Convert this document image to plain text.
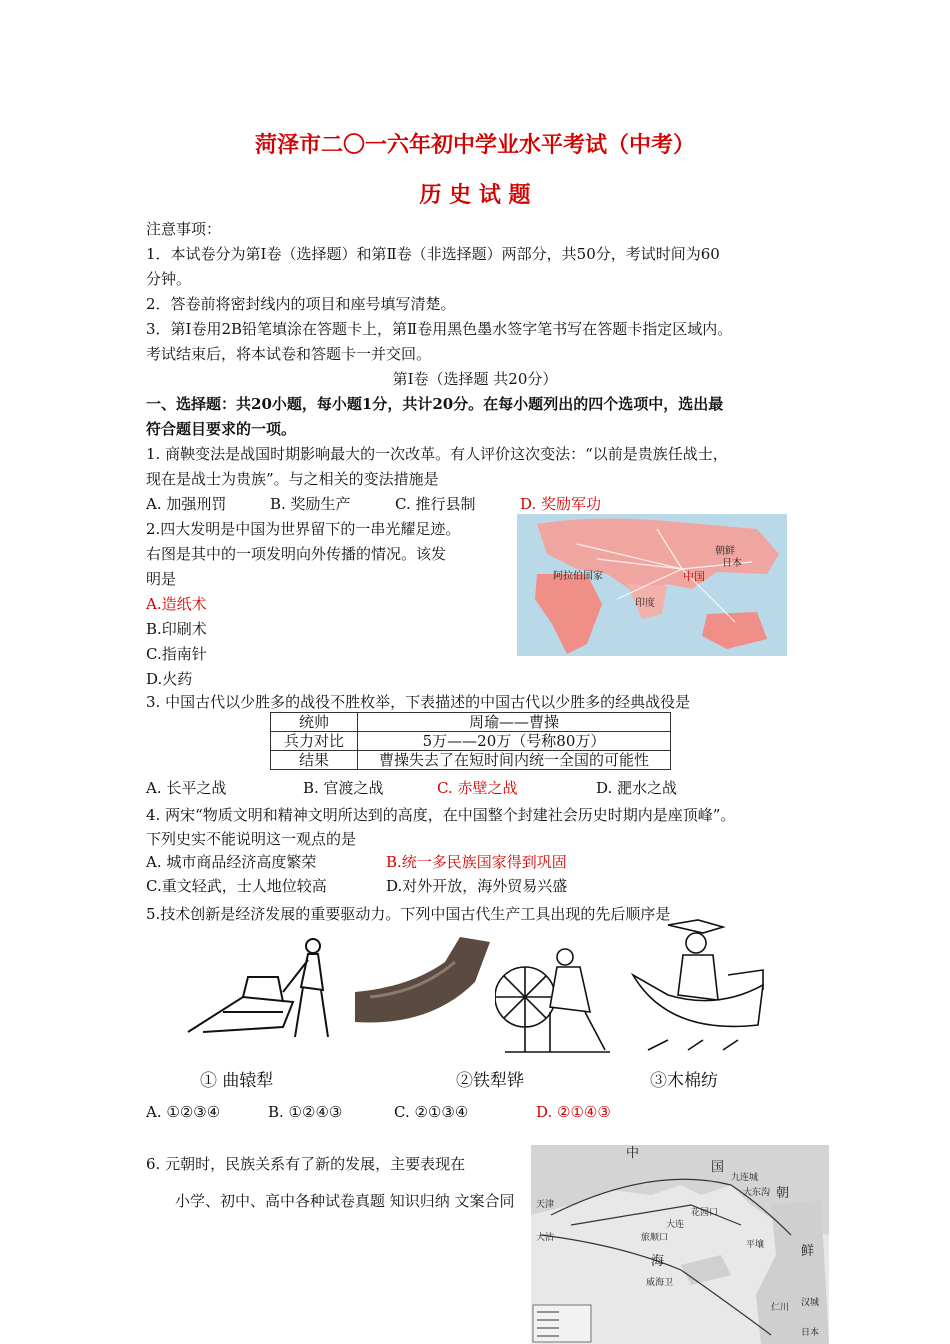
菏泽市二〇一六年初中学业水平考试（中考）
历 史 试 题
注意事项：
1．本试卷分为第Ⅰ卷（选择题）和第Ⅱ卷（非选择题）两部分，共50分，考试时间为60
分钟。
2．答卷前将密封线内的项目和座号填写清楚。
3．第Ⅰ卷用2B铅笔填涂在答题卡上，第Ⅱ卷用黑色墨水签字笔书写在答题卡指定区域内。
考试结束后，将本试卷和答题卡一并交回。
第Ⅰ卷（选择题 共20分）
一、选择题：共20小题，每小题1分，共计20分。在每小题列出的四个选项中，选出最
符合题目要求的一项。
1. 商鞅变法是战国时期影响最大的一次改革。有人评价这次变法：“以前是贵族任战士，
现在是战士为贵族”。与之相关的变法措施是
A. 加强刑罚	B. 奖励生产	C. 推行县制	D. 奖励军功
2.四大发明是中国为世界留下的一串光耀足迹。
右图是其中的一项发明向外传播的情况。该发
明是
A.造纸术
B.印刷术
C.指南针
D.火药
中国
朝鲜
日本
阿拉伯国家
印度
3. 中国古代以少胜多的战役不胜枚举，下表描述的中国古代以少胜多的经典战役是
统帅	周瑜——曹操
兵力对比	5万——20万（号称80万）
结果	曹操失去了在短时间内统一全国的可能性
A. 长平之战	B. 官渡之战	C. 赤壁之战	D. 淝水之战
4. 两宋“物质文明和精神文明所达到的高度，在中国整个封建社会历史时期内是座顶峰”。
下列史实不能说明这一观点的是
A. 城市商品经济高度繁荣	B.统一多民族国家得到巩固
C.重文轻武，士人地位较高	D.对外开放，海外贸易兴盛
5.技术创新是经济发展的重要驱动力。下列中国古代生产工具出现的先后顺序是
① 曲辕犁	②铁犁铧	③木棉纺
A. ①②③④	B. ①②④③	C. ②①③④	D. ②①④③
6. 元朝时，民族关系有了新的发展，主要表现在
小学、初中、高中各种试卷真题 知识归纳 文案合同
中
国
朝
鲜
大连
旅顺口
威海卫
汉城
仁川
平壤
九连城
大东沟
花园口
天津
大沽
日本
海
